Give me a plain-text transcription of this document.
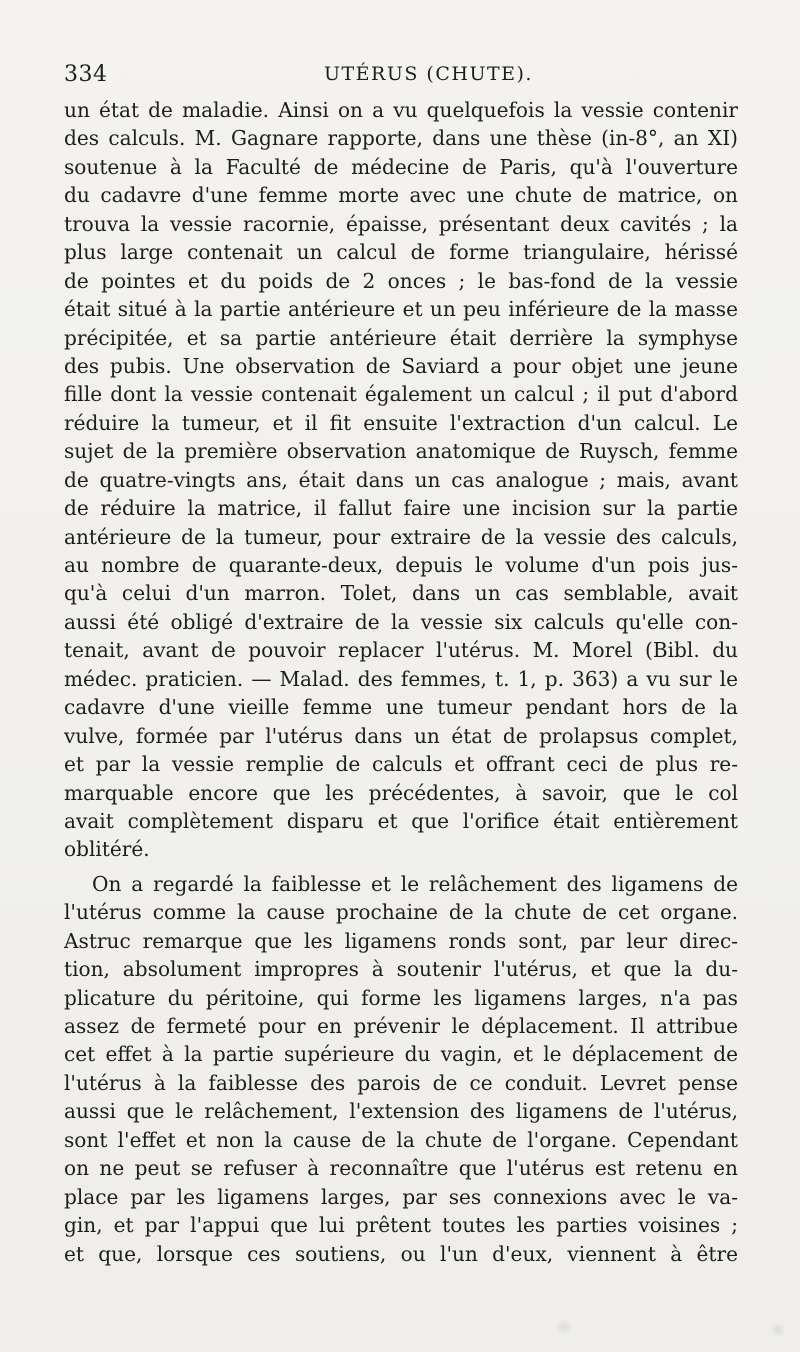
334	UTÉRUS (CHUTE).
un état de maladie. Ainsi on a vu quelquefois la vessie contenir
des calculs. M. Gagnare rapporte, dans une thèse (in-8°, an XI)
soutenue à la Faculté de médecine de Paris, qu'à l'ouverture
du cadavre d'une femme morte avec une chute de matrice, on
trouva la vessie racornie, épaisse, présentant deux cavités ; la
plus large contenait un calcul de forme triangulaire, hérissé
de pointes et du poids de 2 onces ; le bas-fond de la vessie
était situé à la partie antérieure et un peu inférieure de la masse
précipitée, et sa partie antérieure était derrière la symphyse
des pubis. Une observation de Saviard a pour objet une jeune
fille dont la vessie contenait également un calcul ; il put d'abord
réduire la tumeur, et il fit ensuite l'extraction d'un calcul. Le
sujet de la première observation anatomique de Ruysch, femme
de quatre-vingts ans, était dans un cas analogue ; mais, avant
de réduire la matrice, il fallut faire une incision sur la partie
antérieure de la tumeur, pour extraire de la vessie des calculs,
au nombre de quarante-deux, depuis le volume d'un pois jus-
qu'à celui d'un marron. Tolet, dans un cas semblable, avait
aussi été obligé d'extraire de la vessie six calculs qu'elle con-
tenait, avant de pouvoir replacer l'utérus. M. Morel (Bibl. du
médec. praticien. — Malad. des femmes, t. 1, p. 363) a vu sur le
cadavre d'une vieille femme une tumeur pendant hors de la
vulve, formée par l'utérus dans un état de prolapsus complet,
et par la vessie remplie de calculs et offrant ceci de plus re-
marquable encore que les précédentes, à savoir, que le col
avait complètement disparu et que l'orifice était entièrement
oblitéré.
On a regardé la faiblesse et le relâchement des ligamens de
l'utérus comme la cause prochaine de la chute de cet organe.
Astruc remarque que les ligamens ronds sont, par leur direc-
tion, absolument impropres à soutenir l'utérus, et que la du-
plicature du péritoine, qui forme les ligamens larges, n'a pas
assez de fermeté pour en prévenir le déplacement. Il attribue
cet effet à la partie supérieure du vagin, et le déplacement de
l'utérus à la faiblesse des parois de ce conduit. Levret pense
aussi que le relâchement, l'extension des ligamens de l'utérus,
sont l'effet et non la cause de la chute de l'organe. Cependant
on ne peut se refuser à reconnaître que l'utérus est retenu en
place par les ligamens larges, par ses connexions avec le va-
gin, et par l'appui que lui prêtent toutes les parties voisines ;
et que, lorsque ces soutiens, ou l'un d'eux, viennent à être
